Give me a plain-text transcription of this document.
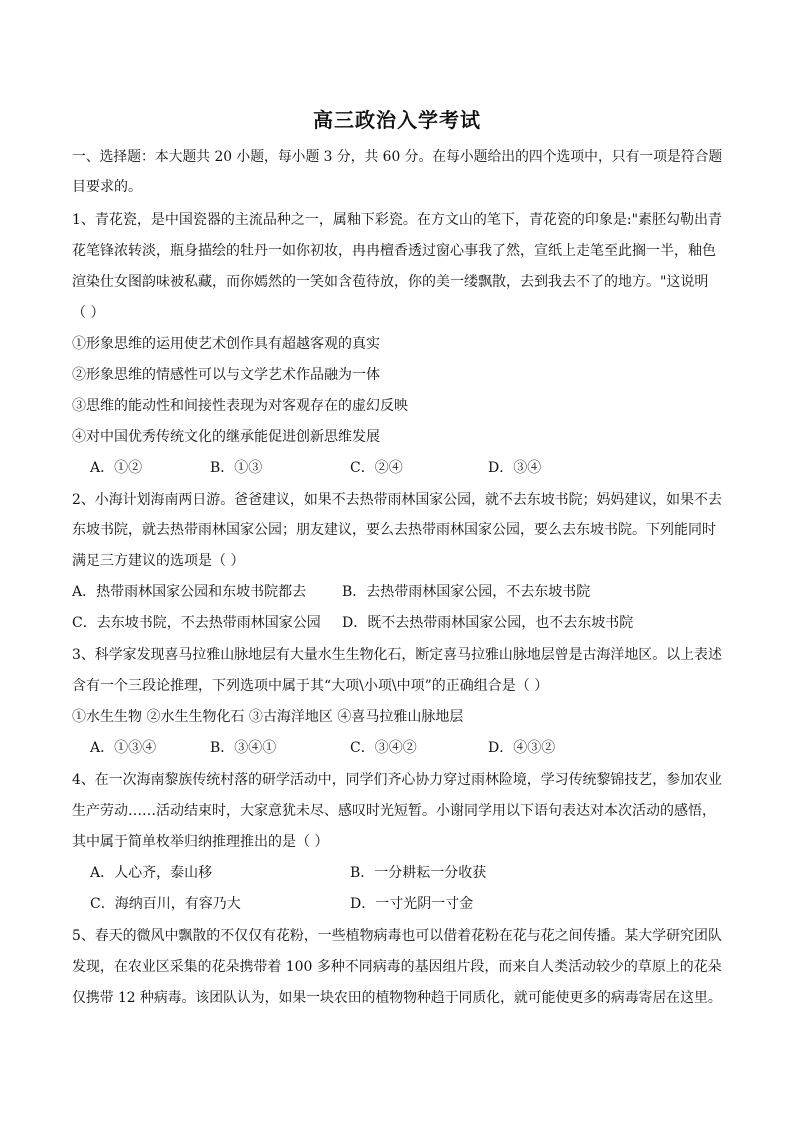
高三政治入学考试
一、选择题：本大题共 20 小题，每小题 3 分，共 60 分。在每小题给出的四个选项中，只有一项是符合题
目要求的。
1、青花瓷，是中国瓷器的主流品种之一，属釉下彩瓷。在方文山的笔下，青花瓷的印象是:"素胚勾勒出青
花笔锋浓转淡，瓶身描绘的牡丹一如你初妆，冉冉檀香透过窗心事我了然，宣纸上走笔至此搁一半，釉色
渲染仕女图韵味被私藏，而你嫣然的一笑如含苞待放，你的美一缕飘散，去到我去不了的地方。"这说明
（ ）
①形象思维的运用使艺术创作具有超越客观的真实
②形象思维的情感性可以与文学艺术作品融为一体
③思维的能动性和间接性表现为对客观存在的虚幻反映
④对中国优秀传统文化的继承能促进创新思维发展
A．①②	B．①③	C．②④	D．③④
2、小海计划海南两日游。爸爸建议，如果不去热带雨林国家公园，就不去东坡书院；妈妈建议，如果不去
东坡书院，就去热带雨林国家公园；朋友建议，要么去热带雨林国家公园，要么去东坡书院。下列能同时
满足三方建议的选项是（ ）
A．热带雨林国家公园和东坡书院都去	B．去热带雨林国家公园，不去东坡书院
C．去东坡书院，不去热带雨林国家公园 D．既不去热带雨林国家公园，也不去东坡书院
3、科学家发现喜马拉雅山脉地层有大量水生生物化石，断定喜马拉雅山脉地层曾是古海洋地区。以上表述
含有一个三段论推理，下列选项中属于其“大项\小项\中项”的正确组合是（ ）
①水生生物 ②水生生物化石 ③古海洋地区 ④喜马拉雅山脉地层
A．①③④	B．③④①	C．③④②	D．④③②
4、在一次海南黎族传统村落的研学活动中，同学们齐心协力穿过雨林险境，学习传统黎锦技艺，参加农业
生产劳动……活动结束时，大家意犹未尽、感叹时光短暂。小谢同学用以下语句表达对本次活动的感悟，
其中属于简单枚举归纳推理推出的是（ ）
A．人心齐，泰山移	B．一分耕耘一分收获
C．海纳百川，有容乃大	D．一寸光阴一寸金
5、春天的微风中飘散的不仅仅有花粉，一些植物病毒也可以借着花粉在花与花之间传播。某大学研究团队
发现，在农业区采集的花朵携带着 100 多种不同病毒的基因组片段，而来自人类活动较少的草原上的花朵
仅携带 12 种病毒。该团队认为，如果一块农田的植物物种趋于同质化，就可能使更多的病毒寄居在这里。
